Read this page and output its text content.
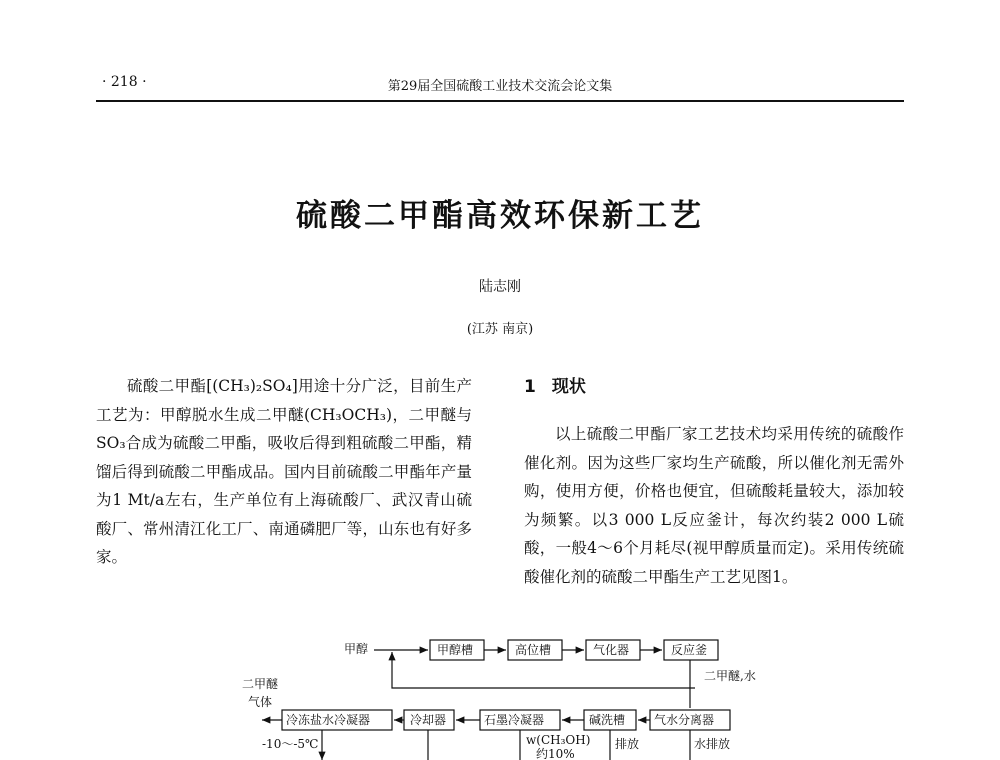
· 218 ·	第29届全国硫酸工业技术交流会论文集
硫酸二甲酯高效环保新工艺
陆志刚
(江苏 南京)
硫酸二甲酯[(CH₃)₂SO₄]用途十分广泛，目前生产工艺为：甲醇脱水生成二甲醚(CH₃OCH₃)，二甲醚与SO₃合成为硫酸二甲酯，吸收后得到粗硫酸二甲酯，精馏后得到硫酸二甲酯成品。国内目前硫酸二甲酯年产量为1 Mt/a左右，生产单位有上海硫酸厂、武汉青山硫酸厂、常州清江化工厂、南通磷肥厂等，山东也有好多家。
1 现状
以上硫酸二甲酯厂家工艺技术均采用传统的硫酸作催化剂。因为这些厂家均生产硫酸，所以催化剂无需外购，使用方便，价格也便宜，但硫酸耗量较大，添加较为频繁。以3 000 L反应釜计，每次约装2 000 L硫酸，一般4～6个月耗尽(视甲醇质量而定)。采用传统硫酸催化剂的硫酸二甲酯生产工艺见图1。
甲醇	甲醇槽	高位槽	气化器	反应釜
二甲醚,水
二甲醚
气体
冷冻盐水冷凝器	冷却器	石墨冷凝器	碱洗槽 气水分离器
-10～-5℃	w(CH₃OH)
约10%
排放	水排放
